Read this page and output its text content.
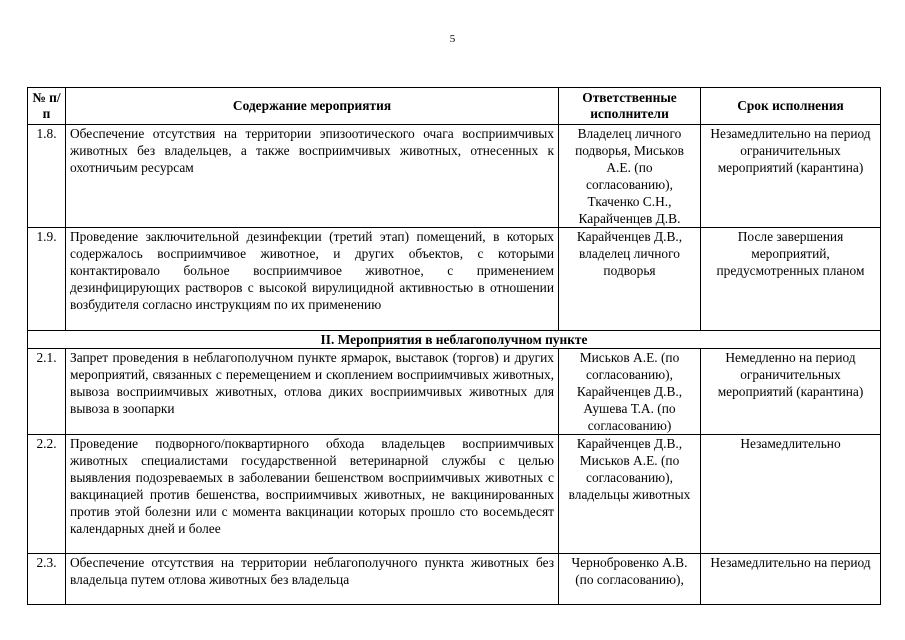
5
№ п/п	Содержание мероприятия	Ответственные исполнители	Срок исполнения
1.8.	Обеспечение отсутствия на территории эпизоотического очага восприимчивых животных без владельцев, а также восприимчивых животных, отнесенных к охотничьим ресурсам	Владелец личного подворья, Миськов А.Е. (по согласованию), Ткаченко С.Н., Карайченцев Д.В.	Незамедлительно на период ограничительных мероприятий (карантина)
1.9.	Проведение заключительной дезинфекции (третий этап) помещений, в которых содержалось восприимчивое животное, и других объектов, с которыми контактировало больное восприимчивое животное, с применением дезинфицирующих растворов с высокой вирулицидной активностью в отношении возбудителя согласно инструкциям по их применению	Карайченцев Д.В., владелец личного подворья	После завершения мероприятий, предусмотренных планом
II. Мероприятия в неблагополучном пункте			
2.1.	Запрет проведения в неблагополучном пункте ярмарок, выставок (торгов) и других мероприятий, связанных с перемещением и скоплением восприимчивых животных, вывоза восприимчивых животных, отлова диких восприимчивых животных для вывоза в зоопарки	Миськов А.Е. (по согласованию), Карайченцев Д.В., Аушева Т.А. (по согласованию)	Немедленно на период ограничительных мероприятий (карантина)
2.2.	Проведение подворного/поквартирного обхода владельцев восприимчивых животных специалистами государственной ветеринарной службы с целью выявления подозреваемых в заболевании бешенством восприимчивых животных с вакцинацией против бешенства, восприимчивых животных, не вакцинированных против этой болезни или с момента вакцинации которых прошло сто восемьдесят календарных дней и более	Карайченцев Д.В., Миськов А.Е. (по согласованию), владельцы животных	Незамедлительно
2.3.	Обеспечение отсутствия на территории неблагополучного пункта животных без владельца путем отлова животных без владельца	Чернобровенко А.В. (по согласованию),	Незамедлительно на период
